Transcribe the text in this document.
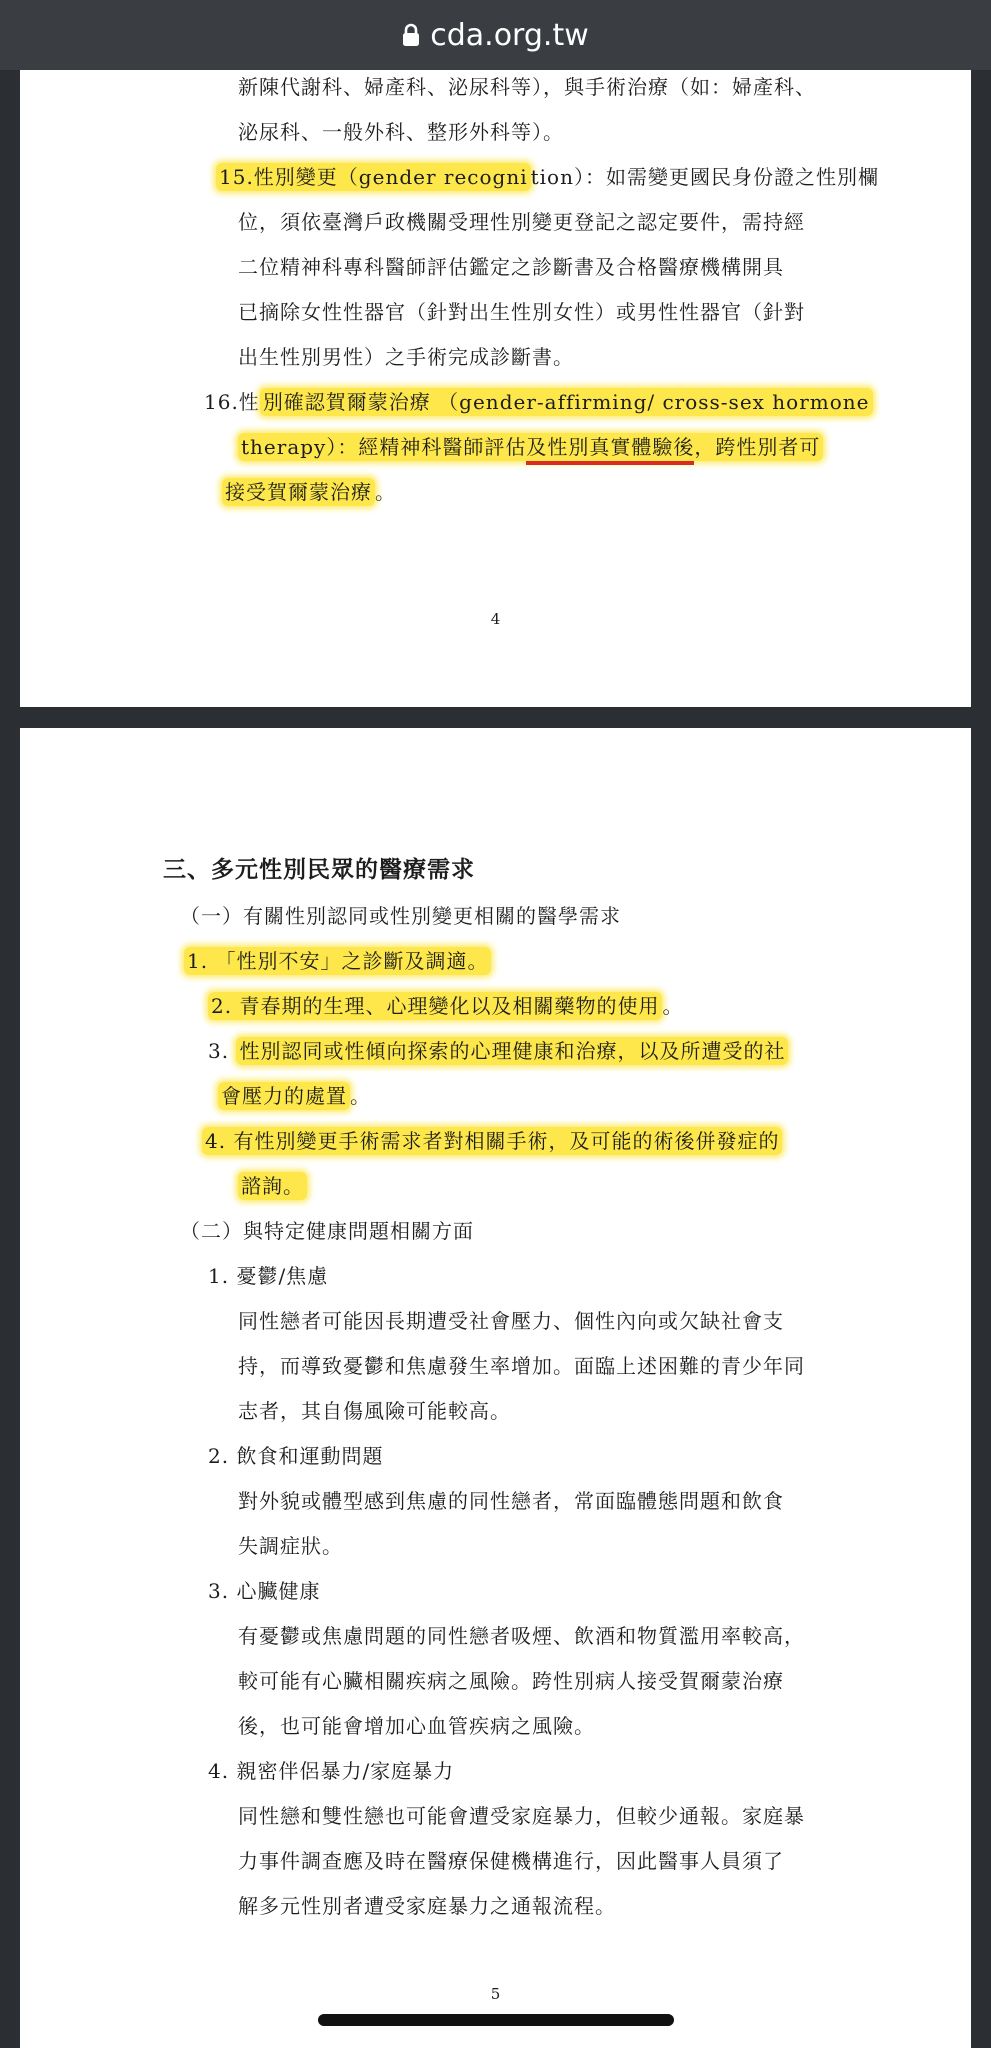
cda.org.tw
新陳代謝科、婦產科、泌尿科等），與手術治療（如：婦產科、
泌尿科、一般外科、整形外科等）。
15.性別變更（gender recogni tion）：如需變更國民身份證之性別欄
位，須依臺灣戶政機關受理性別變更登記之認定要件，需持經
二位精神科專科醫師評估鑑定之診斷書及合格醫療機構開具
已摘除女性性器官（針對出生性別女性）或男性性器官（針對
出生性別男性）之手術完成診斷書。
16.性 別確認賀爾蒙治療 （gender-affirming/ cross-sex hormone
therapy）：經精神科醫師評估及性別真實體驗後，跨性別者可
接受賀爾蒙治療 。
4
三、多元性別民眾的醫療需求
（一）有關性別認同或性別變更相關的醫學需求
1. 「性別不安」之診斷及調適。
2. 青春期的生理、心理變化以及相關藥物的使用 。
3. 性別認同或性傾向探索的心理健康和治療，以及所遭受的社
會壓力的處置 。
4. 有性別變更手術需求者對相關手術，及可能的術後併發症的
諮詢。
（二）與特定健康問題相關方面
1. 憂鬱/焦慮
同性戀者可能因長期遭受社會壓力、個性內向或欠缺社會支
持，而導致憂鬱和焦慮發生率增加。面臨上述困難的青少年同
志者，其自傷風險可能較高。
2. 飲食和運動問題
對外貌或體型感到焦慮的同性戀者，常面臨體態問題和飲食
失調症狀。
3. 心臟健康
有憂鬱或焦慮問題的同性戀者吸煙、飲酒和物質濫用率較高，
較可能有心臟相關疾病之風險。跨性別病人接受賀爾蒙治療
後，也可能會增加心血管疾病之風險。
4. 親密伴侶暴力/家庭暴力
同性戀和雙性戀也可能會遭受家庭暴力，但較少通報。家庭暴
力事件調查應及時在醫療保健機構進行，因此醫事人員須了
解多元性別者遭受家庭暴力之通報流程。
5
